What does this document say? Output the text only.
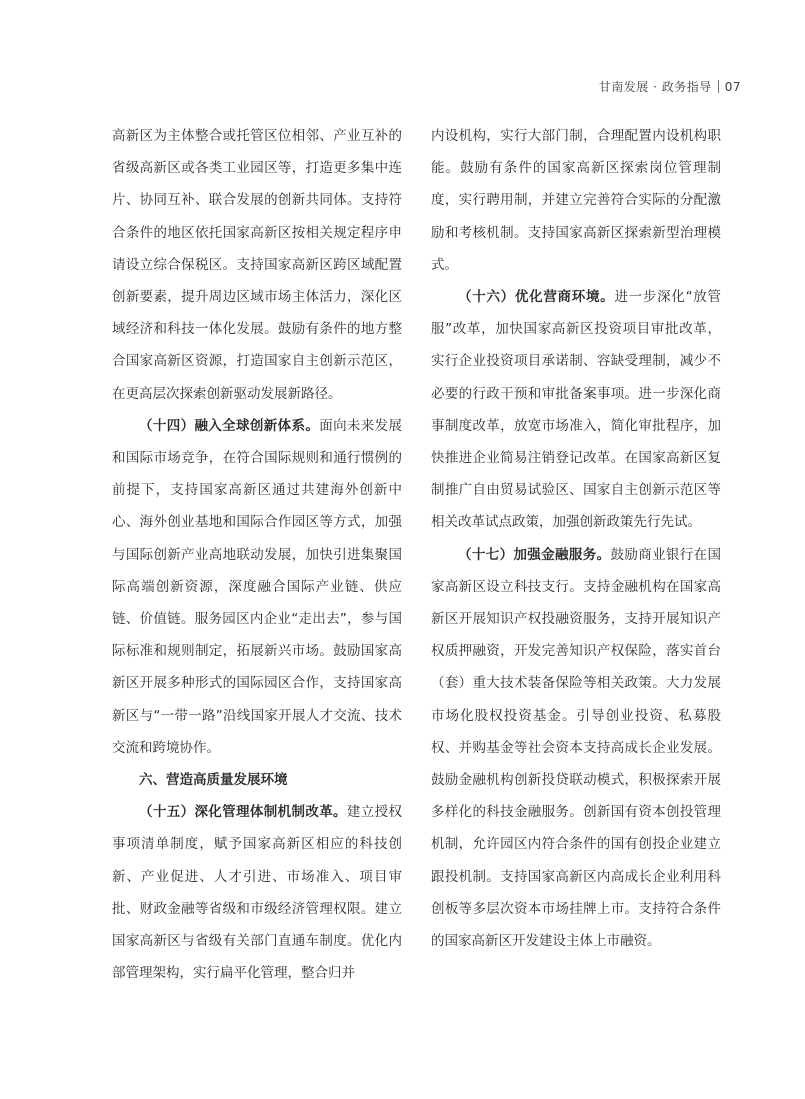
甘南发展 · 政务指导 07

高新区为主体整合或托管区位相邻、产业互补的省级高新区或各类工业园区等，打造更多集中连片、协同互补、联合发展的创新共同体。支持符合条件的地区依托国家高新区按相关规定程序申请设立综合保税区。支持国家高新区跨区域配置创新要素，提升周边区域市场主体活力，深化区域经济和科技一体化发展。鼓励有条件的地方整合国家高新区资源，打造国家自主创新示范区，在更高层次探索创新驱动发展新路径。

（十四）融入全球创新体系。面向未来发展和国际市场竞争，在符合国际规则和通行惯例的前提下，支持国家高新区通过共建海外创新中心、海外创业基地和国际合作园区等方式，加强与国际创新产业高地联动发展，加快引进集聚国际高端创新资源，深度融合国际产业链、供应链、价值链。服务园区内企业“走出去”，参与国际标准和规则制定，拓展新兴市场。鼓励国家高新区开展多种形式的国际园区合作，支持国家高新区与“一带一路”沿线国家开展人才交流、技术交流和跨境协作。

六、营造高质量发展环境

（十五）深化管理体制机制改革。建立授权事项清单制度，赋予国家高新区相应的科技创新、产业促进、人才引进、市场准入、项目审批、财政金融等省级和市级经济管理权限。建立国家高新区与省级有关部门直通车制度。优化内部管理架构，实行扁平化管理，整合归并

内设机构，实行大部门制，合理配置内设机构职能。鼓励有条件的国家高新区探索岗位管理制度，实行聘用制，并建立完善符合实际的分配激励和考核机制。支持国家高新区探索新型治理模式。

（十六）优化营商环境。进一步深化“放管服”改革，加快国家高新区投资项目审批改革，实行企业投资项目承诺制、容缺受理制，减少不必要的行政干预和审批备案事项。进一步深化商事制度改革，放宽市场准入，简化审批程序，加快推进企业简易注销登记改革。在国家高新区复制推广自由贸易试验区、国家自主创新示范区等相关改革试点政策，加强创新政策先行先试。

（十七）加强金融服务。鼓励商业银行在国家高新区设立科技支行。支持金融机构在国家高新区开展知识产权投融资服务，支持开展知识产权质押融资，开发完善知识产权保险，落实首台（套）重大技术装备保险等相关政策。大力发展市场化股权投资基金。引导创业投资、私募股权、并购基金等社会资本支持高成长企业发展。鼓励金融机构创新投贷联动模式，积极探索开展多样化的科技金融服务。创新国有资本创投管理机制，允许园区内符合条件的国有创投企业建立跟投机制。支持国家高新区内高成长企业利用科创板等多层次资本市场挂牌上市。支持符合条件的国家高新区开发建设主体上市融资。
